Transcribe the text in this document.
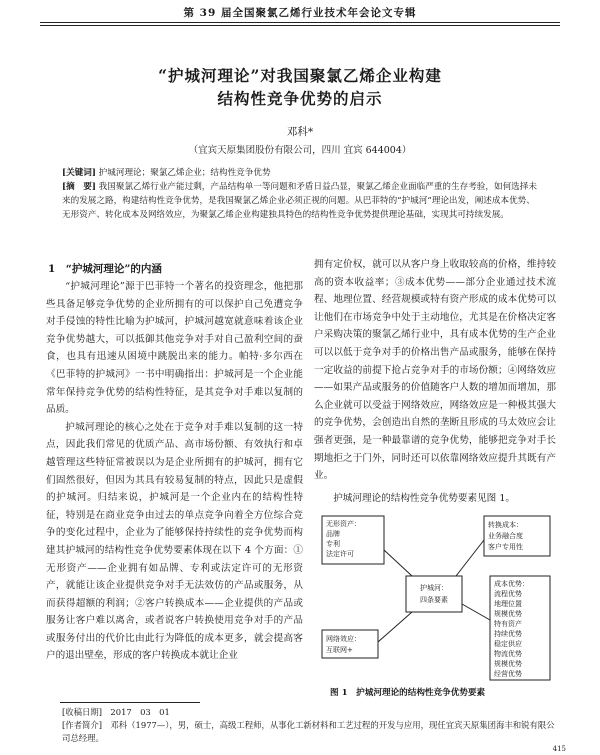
第 39 届全国聚氯乙烯行业技术年会论文专辑
“护城河理论”对我国聚氯乙烯企业构建
结构性竞争优势的启示
邓科*
（宜宾天原集团股份有限公司，四川 宜宾 644004）
[关键词] 护城河理论；聚氯乙烯企业；结构性竞争优势
[摘　要] 我国聚氯乙烯行业产能过剩，产品结构单一等问题和矛盾日益凸显，聚氯乙烯企业面临严重的生存考验，如何选择未来的发展之路，构建结构性竞争优势，是我国聚氯乙烯企业必须正视的问题。从巴菲特的“护城河”理论出发，阐述成本优势、无形资产、转化成本及网络效应，为聚氯乙烯企业构建独具特色的结构性竞争优势提供理论基础，实现其可持续发展。
1　“护城河理论”的内涵

“护城河理论”源于巴菲特一个著名的投资理念，他把那些具备足够竞争优势的企业所拥有的可以保护自己免遭竞争对手侵蚀的特性比喻为护城河，护城河越宽就意味着该企业竞争优势越大，可以抵御其他竞争对手对自己盈利空间的蚕食，也具有迅速从困境中跳脱出来的能力。帕特·多尔西在《巴菲特的护城河》一书中明确指出：护城河是一个企业能常年保持竞争优势的结构性特征，是其竞争对手难以复制的品质。

护城河理论的核心之处在于竞争对手难以复制的这一特点，因此我们常见的优质产品、高市场份额、有效执行和卓越管理这些特征常被误以为是企业所拥有的护城河，拥有它们固然很好，但因为其具有较易复制的特点，因此只是虚假的护城河。归结来说，护城河是一个企业内在的结构性特征，特别是在商业竞争由过去的单点竞争向着全方位综合竞争的变化过程中，企业为了能够保持持续性的竞争优势而构建其护城河的结构性竞争优势要素体现在以下 4 个方面：①无形资产——企业拥有如品牌、专利或法定许可的无形资产，就能让该企业提供竞争对手无法效仿的产品或服务，从而获得超额的利润；②客户转换成本——企业提供的产品或服务让客户难以离舍，或者说客户转换使用竞争对手的产品或服务付出的代价比由此行为降低的成本更多，就会提高客户的退出壁垒，形成的客户转换成本就让企业

拥有定价权，就可以从客户身上收取较高的价格，维持较高的资本收益率；③成本优势——部分企业通过技术流程、地理位置、经营规模或特有资产形成的成本优势可以让他们在市场竞争中处于主动地位，尤其是在价格决定客户采购决策的聚氯乙烯行业中，具有成本优势的生产企业可以以低于竞争对手的价格出售产品或服务，能够在保持一定收益的前提下抢占竞争对手的市场份额；④网络效应——如果产品或服务的价值随客户人数的增加而增加，那么企业就可以受益于网络效应，网络效应是一种极其强大的竞争优势，会创造出自然的垄断且形成的马太效应会让强者更强，是一种最靠谱的竞争优势，能够把竞争对手长期地拒之于门外，同时还可以依靠网络效应提升其既有产业。

护城河理论的结构性竞争优势要素见图 1。
护城河：
四条要素
无形资产：
品牌
专利
法定许可
转换成本：
业务融合度
客户专用性
网络效应：
互联网+
成本优势：
流程优势
地理位置
规模优势
特有资产
持续优势
稳定供应
物流优势
规模优势
经营优势
图 1　护城河理论的结构性竞争优势要素
[收稿日期]　2017　03　01
[作者简介]　邓科（1977—），男，硕士，高级工程师，从事化工新材料和工艺过程的开发与应用，现任宜宾天原集团海丰和锐有限公司总经理。
415
